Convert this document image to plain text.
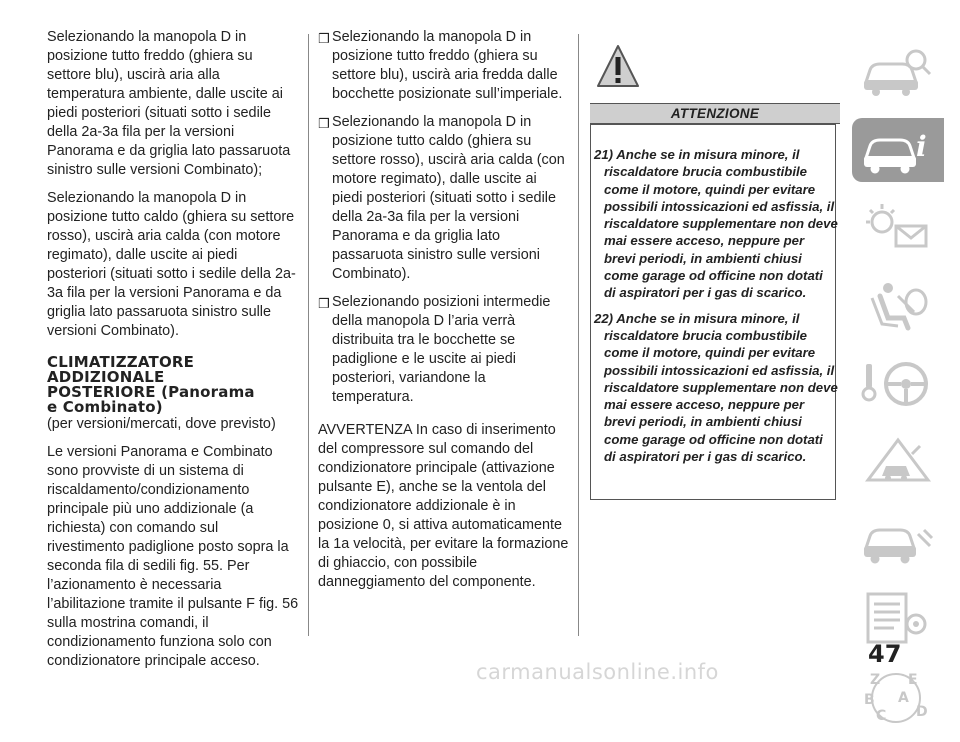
Selezionando la manopola D in posizione tutto freddo (ghiera su settore blu), uscirà aria alla temperatura ambiente, dalle uscite ai piedi posteriori (situati sotto i sedile della 2a-3a fila per la versioni Panorama e da griglia lato passaruota sinistro sulle versioni Combinato);

Selezionando la manopola D in posizione tutto caldo (ghiera su settore rosso), uscirà aria calda (con motore regimato), dalle uscite ai piedi posteriori (situati sotto i sedile della 2a-3a fila per la versioni Panorama e da griglia lato passaruota sinistro sulle versioni Combinato).

CLIMATIZZATORE
ADDIZIONALE
POSTERIORE (Panorama
e Combinato)

(per versioni/mercati, dove previsto)

Le versioni Panorama e Combinato sono provviste di un sistema di riscaldamento/condizionamento principale più uno addizionale (a richiesta) con comando sul rivestimento padiglione posto sopra la seconda fila di sedili fig. 55. Per l’azionamento è necessaria l’abilitazione tramite il pulsante F fig. 56 sulla mostrina comandi, il condizionamento funziona solo con condizionatore principale acceso.

❒ Selezionando la manopola D in posizione tutto freddo (ghiera su settore blu), uscirà aria fredda dalle bocchette posizionate sull’imperiale.
❒ Selezionando la manopola D in posizione tutto caldo (ghiera su settore rosso), uscirà aria calda (con motore regimato), dalle uscite ai piedi posteriori (situati sotto i sedile della 2a-3a fila per la versioni Panorama e da griglia lato passaruota sinistro sulle versioni Combinato).
❒ Selezionando posizioni intermedie della manopola D l’aria verrà distribuita tra le bocchette se padiglione e le uscite ai piedi posteriori, variandone la temperatura.

AVVERTENZA In caso di inserimento del compressore sul comando del condizionatore principale (attivazione pulsante E), anche se la ventola del condizionatore addizionale è in posizione 0, si attiva automaticamente la 1a velocità, per evitare la formazione di ghiaccio, con possibile danneggiamento del componente.

ATTENZIONE
21) Anche se in misura minore, il riscaldatore brucia combustibile come il motore, quindi per evitare possibili intossicazioni ed asfissia, il riscaldatore supplementare non deve mai essere acceso, neppure per brevi periodi, in ambienti chiusi come garage od officine non dotati di aspiratori per i gas di scarico.
22) Anche se in misura minore, il riscaldatore brucia combustibile come il motore, quindi per evitare possibili intossicazioni ed asfissia, il riscaldatore supplementare non deve mai essere acceso, neppure per brevi periodi, in ambienti chiusi come garage od officine non dotati di aspiratori per i gas di scarico.
i
Z E
B A
C D
47
carmanualsonline.info
